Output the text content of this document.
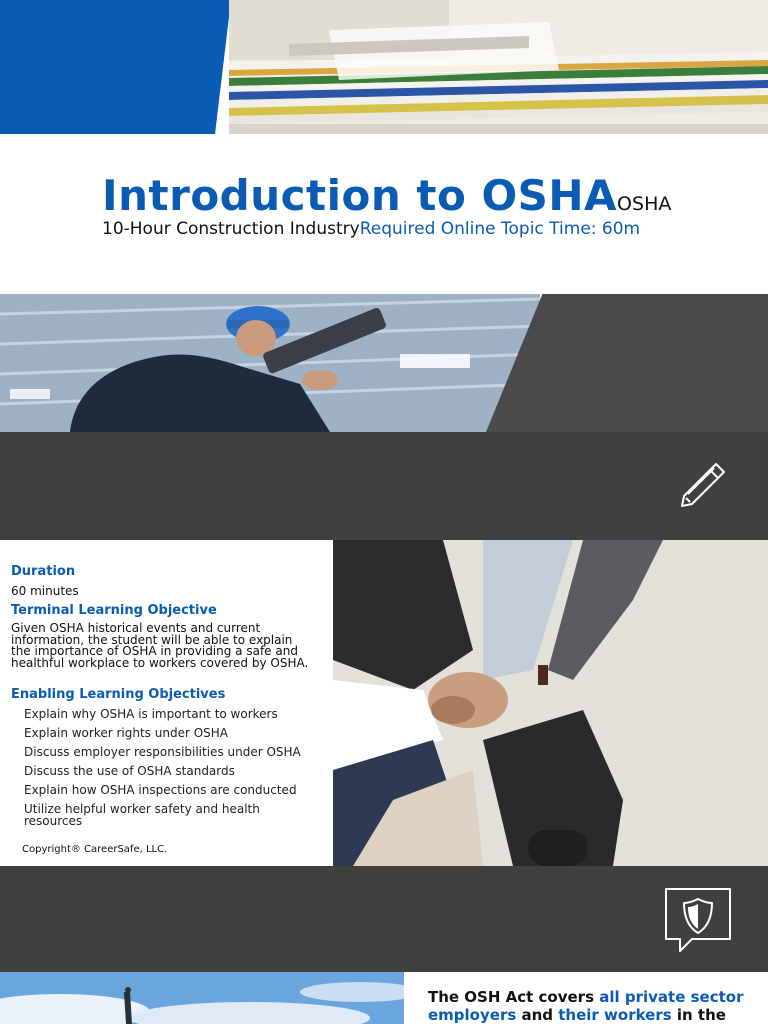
Introduction to OSHAOSHA
10-Hour Construction IndustryRequired Online Topic Time: 60m
Duration
60 minutes
Terminal Learning Objective
Given OSHA historical events and current information, the student will be able to explain the importance of OSHA in providing a safe and healthful workplace to workers covered by OSHA.
Enabling Learning Objectives
Explain why OSHA is important to workers
Explain worker rights under OSHA
Discuss employer responsibilities under OSHA
Discuss the use of OSHA standards
Explain how OSHA inspections are conducted
Utilize helpful worker safety and health resources
Copyright® CareerSafe, LLC.
The OSH Act covers all private sector
employers and their workers in the
